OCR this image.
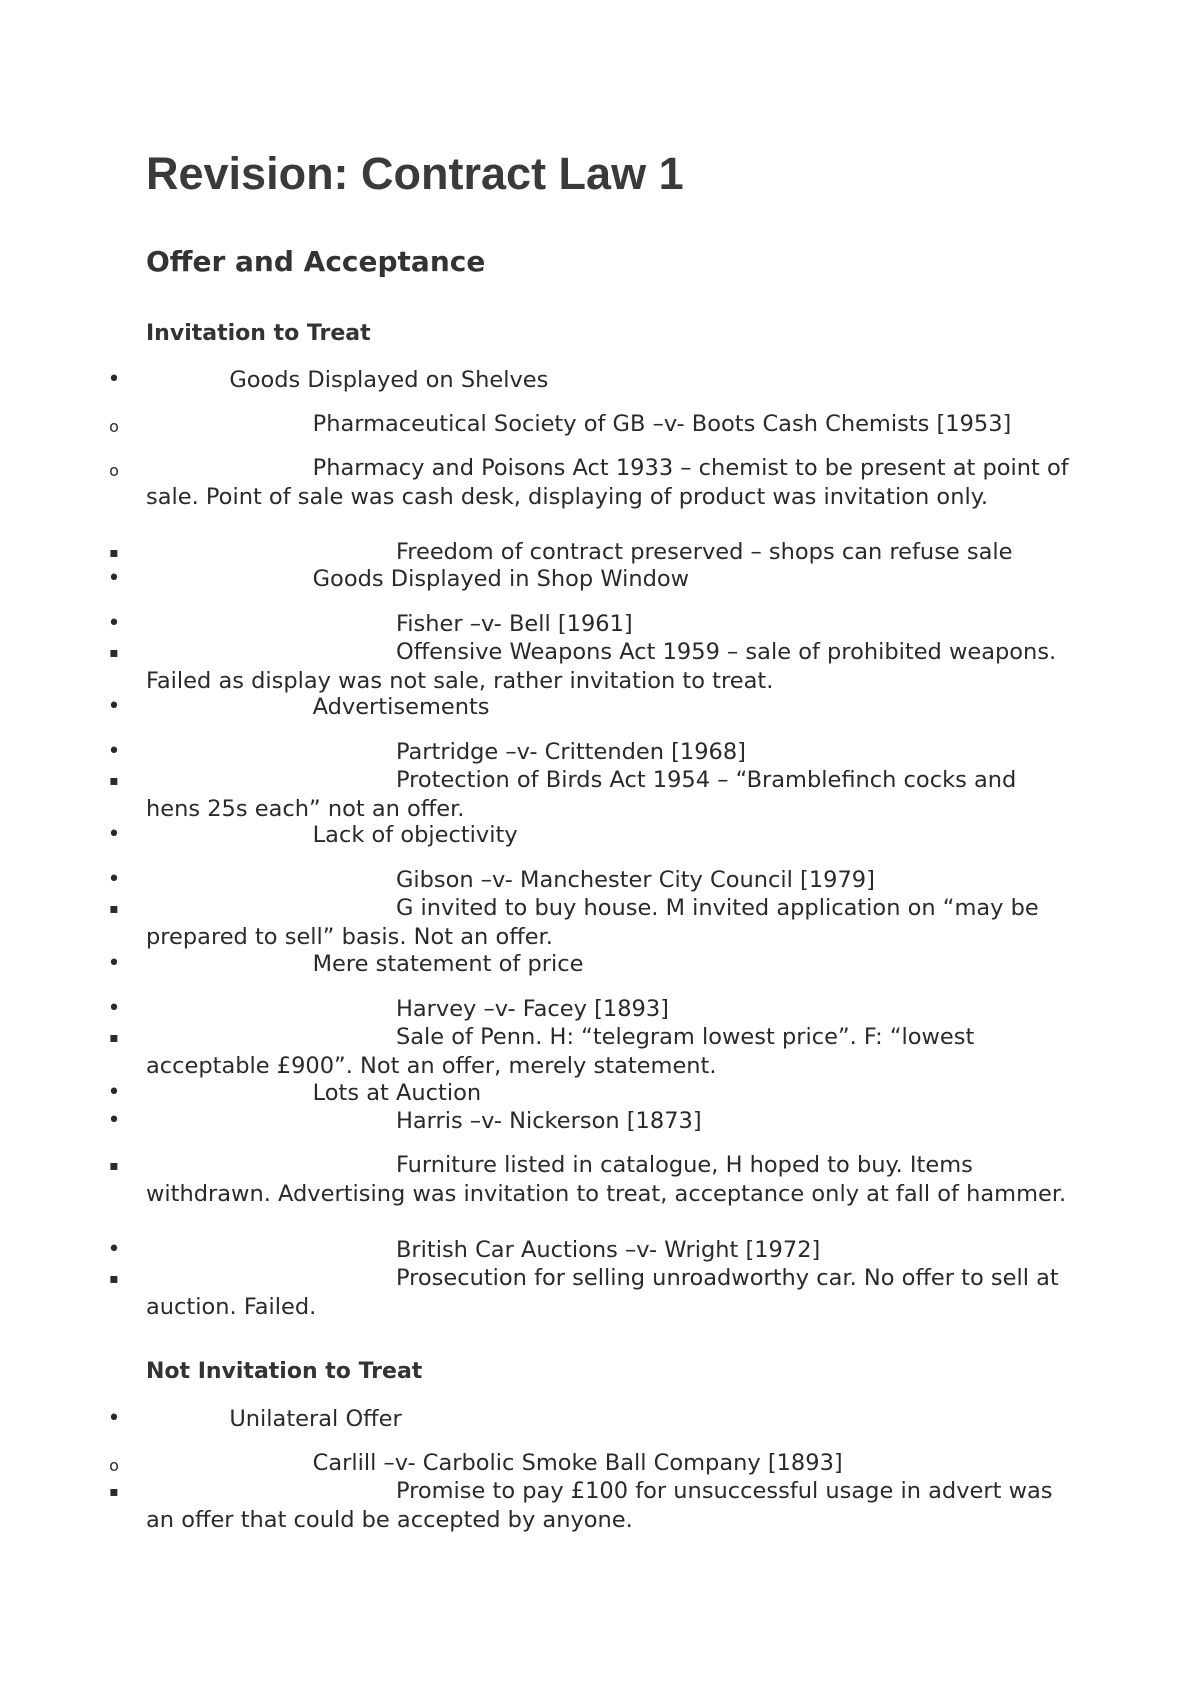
Revision: Contract Law 1
Offer and Acceptance
Invitation to Treat
Not Invitation to Treat
•
Goods Displayed on Shelves
o
Pharmaceutical Society of GB –v- Boots Cash Chemists [1953]
o
Pharmacy and Poisons Act 1933 – chemist to be present at point of sale. Point of sale was cash desk, displaying of product was invitation only.
▪
Freedom of contract preserved – shops can refuse sale
•
Goods Displayed in Shop Window
•
Fisher –v- Bell [1961]
▪
Offensive Weapons Act 1959 – sale of prohibited weapons. Failed as display was not sale, rather invitation to treat.
•
Advertisements
•
Partridge –v- Crittenden [1968]
▪
Protection of Birds Act 1954 – “Bramblefinch cocks and hens 25s each” not an offer.
•
Lack of objectivity
•
Gibson –v- Manchester City Council [1979]
▪
G invited to buy house. M invited application on “may be prepared to sell” basis. Not an offer.
•
Mere statement of price
•
Harvey –v- Facey [1893]
▪
Sale of Penn. H: “telegram lowest price”. F: “lowest acceptable £900”. Not an offer, merely statement.
•
Lots at Auction
•
Harris –v- Nickerson [1873]
▪
Furniture listed in catalogue, H hoped to buy. Items withdrawn. Advertising was invitation to treat, acceptance only at fall of hammer.
•
British Car Auctions –v- Wright [1972]
▪
Prosecution for selling unroadworthy car. No offer to sell at auction. Failed.
•
Unilateral Offer
o
Carlill –v- Carbolic Smoke Ball Company [1893]
▪
Promise to pay £100 for unsuccessful usage in advert was an offer that could be accepted by anyone.
